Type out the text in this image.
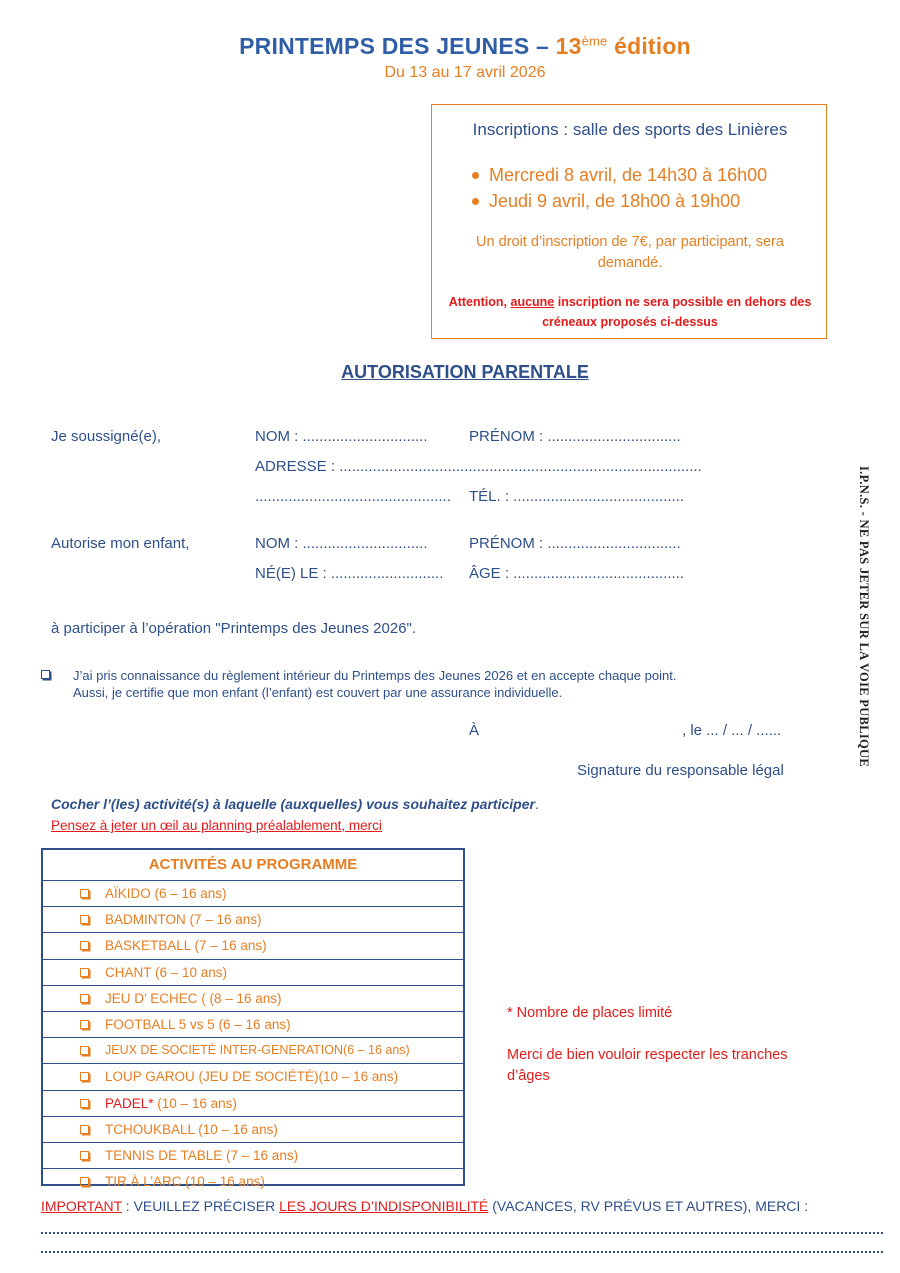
PRINTEMPS DES JEUNES – 13ème édition
Du 13 au 17 avril 2026
Inscriptions : salle des sports des Linières
Mercredi 8 avril, de 14h30 à 16h00
Jeudi 9 avril, de 18h00 à 19h00
Un droit d’inscription de 7€, par participant, sera demandé.
Attention, aucune inscription ne sera possible en dehors des créneaux proposés ci-dessus
AUTORISATION PARENTALE
Je soussigné(e),	NOM : ..............................	PRÉNOM : ................................
ADRESSE : .......................................................................................
............................................... TÉL. : .........................................
Autorise mon enfant,	NOM : ..............................	PRÉNOM : ................................
NÉ(E) LE : ........................... ÂGE : .........................................
à participer à l’opération "Printemps des Jeunes 2026".
J’ai pris connaissance du règlement intérieur du Printemps des Jeunes 2026 et en accepte chaque point.
Aussi, je certifie que mon enfant (l’enfant) est couvert par une assurance individuelle.
À	, le ... / ... / ......
Signature du responsable légal
I.P.N.S. - NE PAS JETER SUR LA VOIE PUBLIQUE
Cocher l’(les) activité(s) à laquelle (auxquelles) vous souhaitez participer.
Pensez à jeter un œil au planning préalablement, merci
ACTIVITÉS AU PROGRAMME
AÏKIDO (6 – 16 ans)
BADMINTON (7 – 16 ans)
BASKETBALL (7 – 16 ans)
CHANT (6 – 10 ans)
JEU D’ ECHEC ( (8 – 16 ans)
FOOTBALL 5 vs 5 (6 – 16 ans)
JEUX DE SOCIETÉ INTER-GENERATION(6 – 16 ans)
LOUP GAROU (JEU DE SOCIÉTÉ)(10 – 16 ans)
PADEL* (10 – 16 ans)
TCHOUKBALL (10 – 16 ans)
TENNIS DE TABLE (7 – 16 ans)
TIR À L’ARC (10 – 16 ans)
* Nombre de places limité
Merci de bien vouloir respecter les tranches d’âges
IMPORTANT : VEUILLEZ PRÉCISER LES JOURS D’INDISPONIBILITÉ (VACANCES, RV PRÉVUS ET AUTRES), MERCI :
